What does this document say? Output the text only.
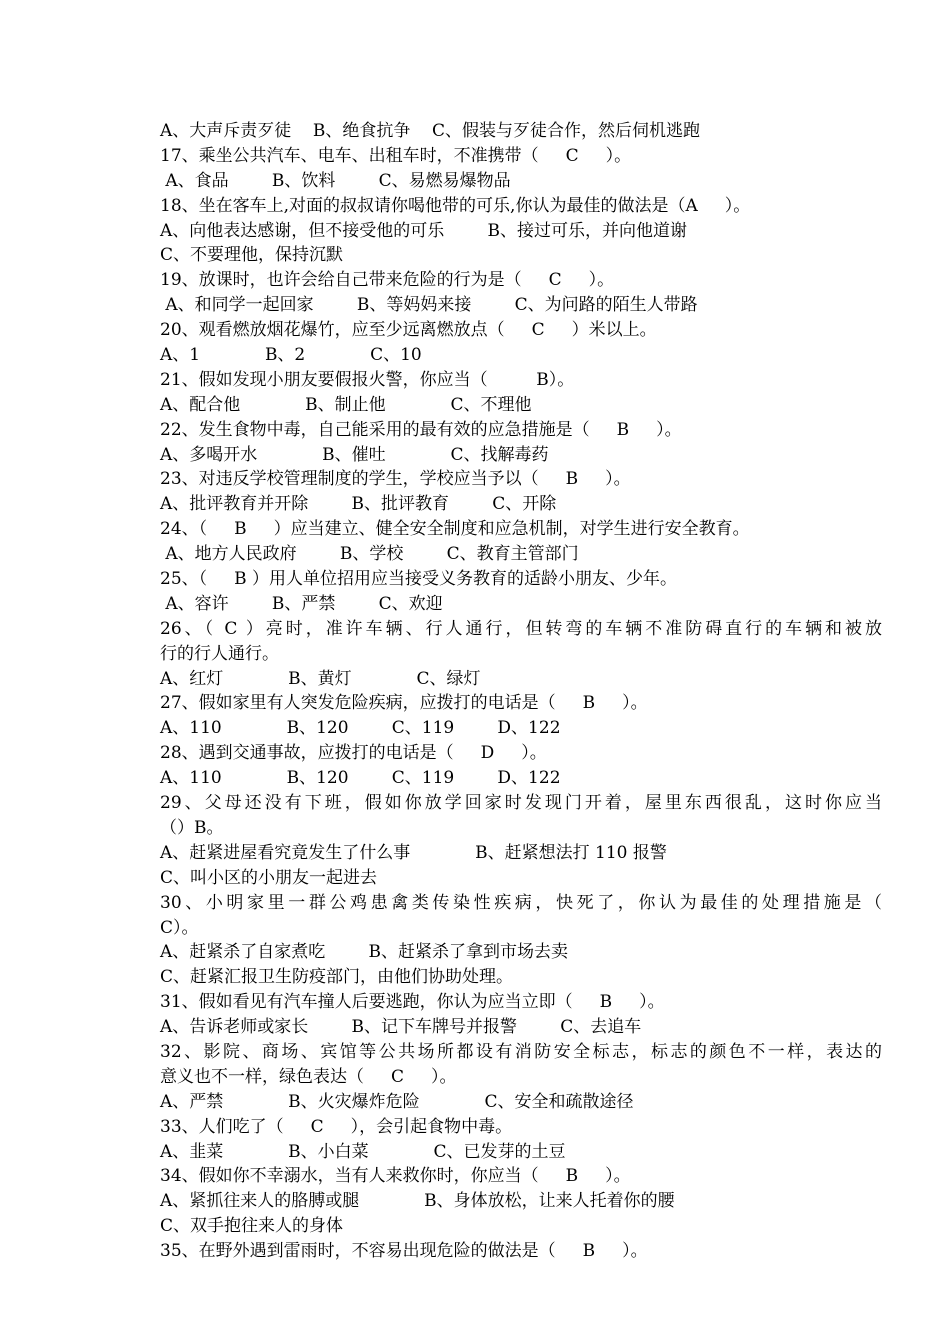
A、大声斥责歹徒    B、绝食抗争    C、假装与歹徒合作，然后伺机逃跑
17、乘坐公共汽车、电车、出租车时，不准携带（     C     ）。
A、食品        B、饮料        C、易燃易爆物品
18、坐在客车上,对面的叔叔请你喝他带的可乐,你认为最佳的做法是（A     ）。
A、向他表达感谢，但不接受他的可乐        B、接过可乐，并向他道谢
C、不要理他，保持沉默
19、放课时，也许会给自己带来危险的行为是（     C     ）。
A、和同学一起回家        B、等妈妈来接        C、为问路的陌生人带路
20、观看燃放烟花爆竹，应至少远离燃放点（     C     ）米以上。
A、1            B、2            C、10
21、假如发现小朋友要假报火警，你应当（         B）。
A、配合他            B、制止他            C、不理他
22、发生食物中毒，自己能采用的最有效的应急措施是（     B     ）。
A、多喝开水            B、催吐            C、找解毒药
23、对违反学校管理制度的学生，学校应当予以（     B     ）。
A、批评教育并开除        B、批评教育        C、开除
24、（     B     ）应当建立、健全安全制度和应急机制，对学生进行安全教育。
A、地方人民政府        B、学校        C、教育主管部门
25、（     B ）用人单位招用应当接受义务教育的适龄小朋友、少年。
A、容许        B、严禁        C、欢迎
26、（ C ）亮时，准许车辆、行人通行，但转弯的车辆不准防碍直行的车辆和被放
行的行人通行。
A、红灯            B、黄灯            C、绿灯
27、假如家里有人突发危险疾病，应拨打的电话是（     B     ）。
A、110            B、120        C、119        D、122
28、遇到交通事故，应拨打的电话是（     D     ）。
A、110            B、120        C、119        D、122
29、父母还没有下班，假如你放学回家时发现门开着，屋里东西很乱，这时你应当
（）B。
A、赶紧进屋看究竟发生了什么事            B、赶紧想法打 110 报警
C、叫小区的小朋友一起进去
30、小明家里一群公鸡患禽类传染性疾病，快死了，你认为最佳的处理措施是（
C）。
A、赶紧杀了自家煮吃        B、赶紧杀了拿到市场去卖
C、赶紧汇报卫生防疫部门，由他们协助处理。
31、假如看见有汽车撞人后要逃跑，你认为应当立即（     B     ）。
A、告诉老师或家长        B、记下车牌号并报警        C、去追车
32、影院、商场、宾馆等公共场所都设有消防安全标志，标志的颜色不一样，表达的
意义也不一样，绿色表达（     C     ）。
A、严禁            B、火灾爆炸危险            C、安全和疏散途径
33、人们吃了（     C     ），会引起食物中毒。
A、韭菜            B、小白菜            C、已发芽的土豆
34、假如你不幸溺水，当有人来救你时，你应当（     B     ）。
A、紧抓往来人的胳膊或腿            B、身体放松，让来人托着你的腰
C、双手抱往来人的身体
35、在野外遇到雷雨时，不容易出现危险的做法是（     B     ）。
